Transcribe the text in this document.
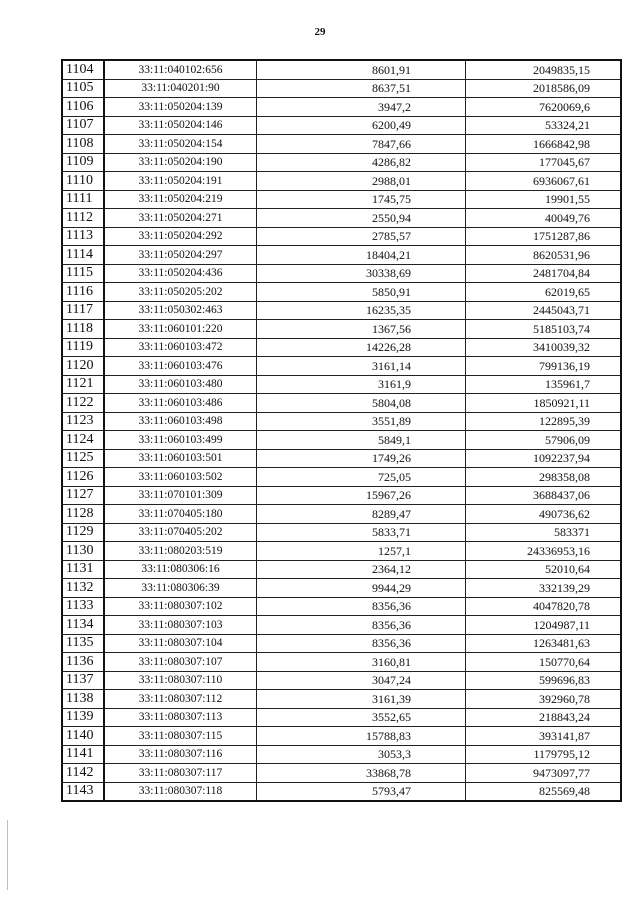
29
1104	33:11:040102:656	8601,91	2049835,15
1105	33:11:040201:90	8637,51	2018586,09
1106	33:11:050204:139	3947,2	7620069,6
1107	33:11:050204:146	6200,49	53324,21
1108	33:11:050204:154	7847,66	1666842,98
1109	33:11:050204:190	4286,82	177045,67
1110	33:11:050204:191	2988,01	6936067,61
1111	33:11:050204:219	1745,75	19901,55
1112	33:11:050204:271	2550,94	40049,76
1113	33:11:050204:292	2785,57	1751287,86
1114	33:11:050204:297	18404,21	8620531,96
1115	33:11:050204:436	30338,69	2481704,84
1116	33:11:050205:202	5850,91	62019,65
1117	33:11:050302:463	16235,35	2445043,71
1118	33:11:060101:220	1367,56	5185103,74
1119	33:11:060103:472	14226,28	3410039,32
1120	33:11:060103:476	3161,14	799136,19
1121	33:11:060103:480	3161,9	135961,7
1122	33:11:060103:486	5804,08	1850921,11
1123	33:11:060103:498	3551,89	122895,39
1124	33:11:060103:499	5849,1	57906,09
1125	33:11:060103:501	1749,26	1092237,94
1126	33:11:060103:502	725,05	298358,08
1127	33:11:070101:309	15967,26	3688437,06
1128	33:11:070405:180	8289,47	490736,62
1129	33:11:070405:202	5833,71	583371
1130	33:11:080203:519	1257,1	24336953,16
1131	33:11:080306:16	2364,12	52010,64
1132	33:11:080306:39	9944,29	332139,29
1133	33:11:080307:102	8356,36	4047820,78
1134	33:11:080307:103	8356,36	1204987,11
1135	33:11:080307:104	8356,36	1263481,63
1136	33:11:080307:107	3160,81	150770,64
1137	33:11:080307:110	3047,24	599696,83
1138	33:11:080307:112	3161,39	392960,78
1139	33:11:080307:113	3552,65	218843,24
1140	33:11:080307:115	15788,83	393141,87
1141	33:11:080307:116	3053,3	1179795,12
1142	33:11:080307:117	33868,78	9473097,77
1143	33:11:080307:118	5793,47	825569,48
